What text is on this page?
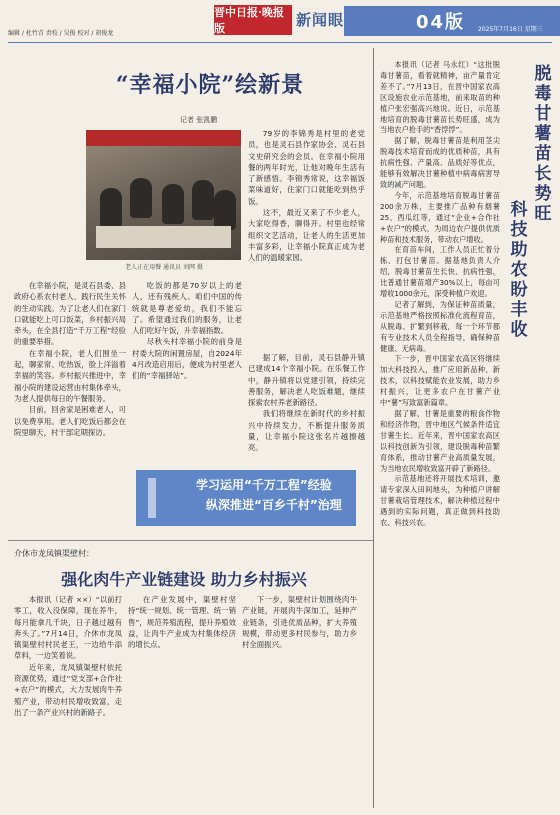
编辑 / 杜竹青 责校 / 吴俊 校对 / 胡俊龙
晋中日报·晚报版	新闻眼	04版 2025年7月16日 星期三
“幸福小院”绘新景
记者 张凯鹏
老人正在用餐 通讯员 刘网 摄

在幸福小院，是灵石县委、县政府心系农村老人、践行民生关怀的生动实践。为了让老人们在家门口就能吃上可口饭菜，乡村振兴局牵头，在全县打造“千万工程”经验的重要举措。

在幸福小院，老人们围坐一起，聊家常、吃热饭，脸上洋溢着幸福的笑容。乡村振兴推进中，幸福小院的建设运营由村集体牵头，为老人提供每日的午餐服务。

目前，回舍家是困难老人，可以免费享用。老人们吃饭后都会在院里聊天，村干部定期探访。

吃饭的都是70岁以上的老人，还有残疾人。咱们中国的传统就是尊老爱幼，我们不能忘了。希望通过我们的服务，让老人们吃好午饭，升幸福指数。

尽秋头村幸福小院的前身是村委大院的闲置房屋，自2024年4月改造启用后，便成为村里老人们的“幸福驿站”。

79岁的李锦秀是村里的老党员，也是灵石县作家协会、灵石县文史研究会的会员。在幸福小院用餐的两年时光，让他对晚年生活有了新感悟。李锦秀常说，这幸福饭菜味道好，住家门口就能吃到热乎饭。

这不，最近又来了不少老人，大家吃得香，聊得开。村里也经常组织文艺活动，让老人的生活更加丰富多彩，让幸福小院真正成为老人们的温暖家园。

据了解，目前，灵石县静升镇已建成14个幸福小院。在乐餐工作中，静升镇将以党建引领，持续完善服务，解决老人吃饭难题，继续探索农村养老新路径。

我们将继续在新时代的乡村振兴中持续发力，不断提升服务质量，让幸福小院这张名片越擦越亮。

学习运用“千万工程”经验
纵深推进“百乡千村”治理
介休市龙凤镇渠壁村：
强化肉牛产业链建设 助力乡村振兴

本报讯（记者 ××）“以前打零工，收入没保障，现在养牛，每月能拿几千块，日子越过越有奔头了。”7月14日，介休市龙凤镇渠壁村村民老王，一边给牛添草料，一边笑着说。

近年来，龙凤镇渠壁村依托资源优势，通过“党支部+合作社+农户”的模式，大力发展肉牛养殖产业，带动村民增收致富，走出了一条产业兴村的新路子。

在产业发展中，渠壁村坚持“统一规划、统一管理、统一销售”，规范养殖流程，提升养殖效益，让肉牛产业成为村集体经济的增长点。

下一步，渠壁村计划围绕肉牛产业链，开展肉牛深加工，延伸产业链条，引进优质品种，扩大养殖规模，带动更多村民参与，助力乡村全面振兴。

本报讯（记者 马永红）“这批脱毒甘薯苗，看着就精神，亩产量肯定差不了。”7月13日，在晋中国家农高区设施农业示范基地，前来取苗的种植户张宏强高兴地说。近日，示范基地培育的脱毒甘薯苗长势旺盛，成为当地农户抢手的“香饽饽”。

据了解，脱毒甘薯苗是利用茎尖脱毒技术培育而成的优质种苗，具有抗病性强、产量高、品质好等优点，能够有效解决甘薯种植中病毒病害导致的减产问题。

今年，示范基地培育脱毒甘薯苗200余万株，主要推广品种有烟薯25、西瓜红等，通过“企业+合作社+农户”的模式，为周边农户提供优质种苗和技术服务，带动农户增收。

在育苗车间，工作人员正忙着分拣、打包甘薯苗。据基地负责人介绍，脱毒甘薯苗生长快、抗病性强，比普通甘薯苗增产30%以上，每亩可增收1000余元，深受种植户欢迎。

记者了解到，为保证种苗质量，示范基地严格按照标准化流程育苗，从脱毒、扩繁到移栽，每一个环节都有专业技术人员全程指导，确保种苗健康、无病毒。

下一步，晋中国家农高区将继续加大科技投入，推广应用新品种、新技术，以科技赋能农业发展，助力乡村振兴，让更多农户在甘薯产业中“薯”写致富新篇章。

据了解，甘薯是重要的粮食作物和经济作物，晋中地区气候条件适宜甘薯生长。近年来，晋中国家农高区以科技创新为引领，建设脱毒种苗繁育体系，推动甘薯产业高质量发展，为当地农民增收致富开辟了新路径。

示范基地还将开展技术培训，邀请专家深入田间地头，为种植户讲解甘薯栽培管理技术，解决种植过程中遇到的实际问题，真正做到科技助农、科技兴农。

脱
毒
甘
薯
苗
长
势
旺
科
技
助
农
盼
丰
收
